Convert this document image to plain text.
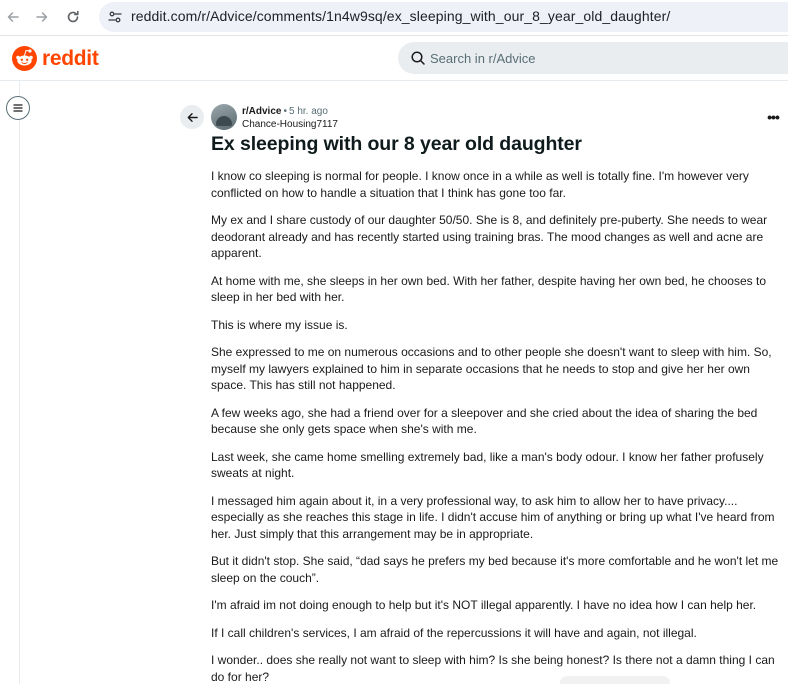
reddit.com/r/Advice/comments/1n4w9sq/ex_sleeping_with_our_8_year_old_daughter/
reddit
Search in r/Advice
r/Advice • 5 hr. ago
Chance-Housing7117	•••
Ex sleeping with our 8 year old daughter

I know co sleeping is normal for people. I know once in a while as well is totally fine. I'm however very conflicted on how to handle a situation that I think has gone too far.

My ex and I share custody of our daughter 50/50. She is 8, and definitely pre-puberty. She needs to wear deodorant already and has recently started using training bras. The mood changes as well and acne are apparent.

At home with me, she sleeps in her own bed. With her father, despite having her own bed, he chooses to sleep in her bed with her.

This is where my issue is.

She expressed to me on numerous occasions and to other people she doesn't want to sleep with him. So, myself my lawyers explained to him in separate occasions that he needs to stop and give her her own space. This has still not happened.

A few weeks ago, she had a friend over for a sleepover and she cried about the idea of sharing the bed because she only gets space when she's with me.

Last week, she came home smelling extremely bad, like a man's body odour. I know her father profusely sweats at night.

I messaged him again about it, in a very professional way, to ask him to allow her to have privacy.... especially as she reaches this stage in life. I didn't accuse him of anything or bring up what I've heard from her. Just simply that this arrangement may be in appropriate.

But it didn't stop. She said, “dad says he prefers my bed because it's more comfortable and he won't let me sleep on the couch”.

I'm afraid im not doing enough to help but it's NOT illegal apparently. I have no idea how I can help her.

If I call children's services, I am afraid of the repercussions it will have and again, not illegal.

I wonder.. does she really not want to sleep with him? Is she being honest? Is there not a damn thing I can do for her?
